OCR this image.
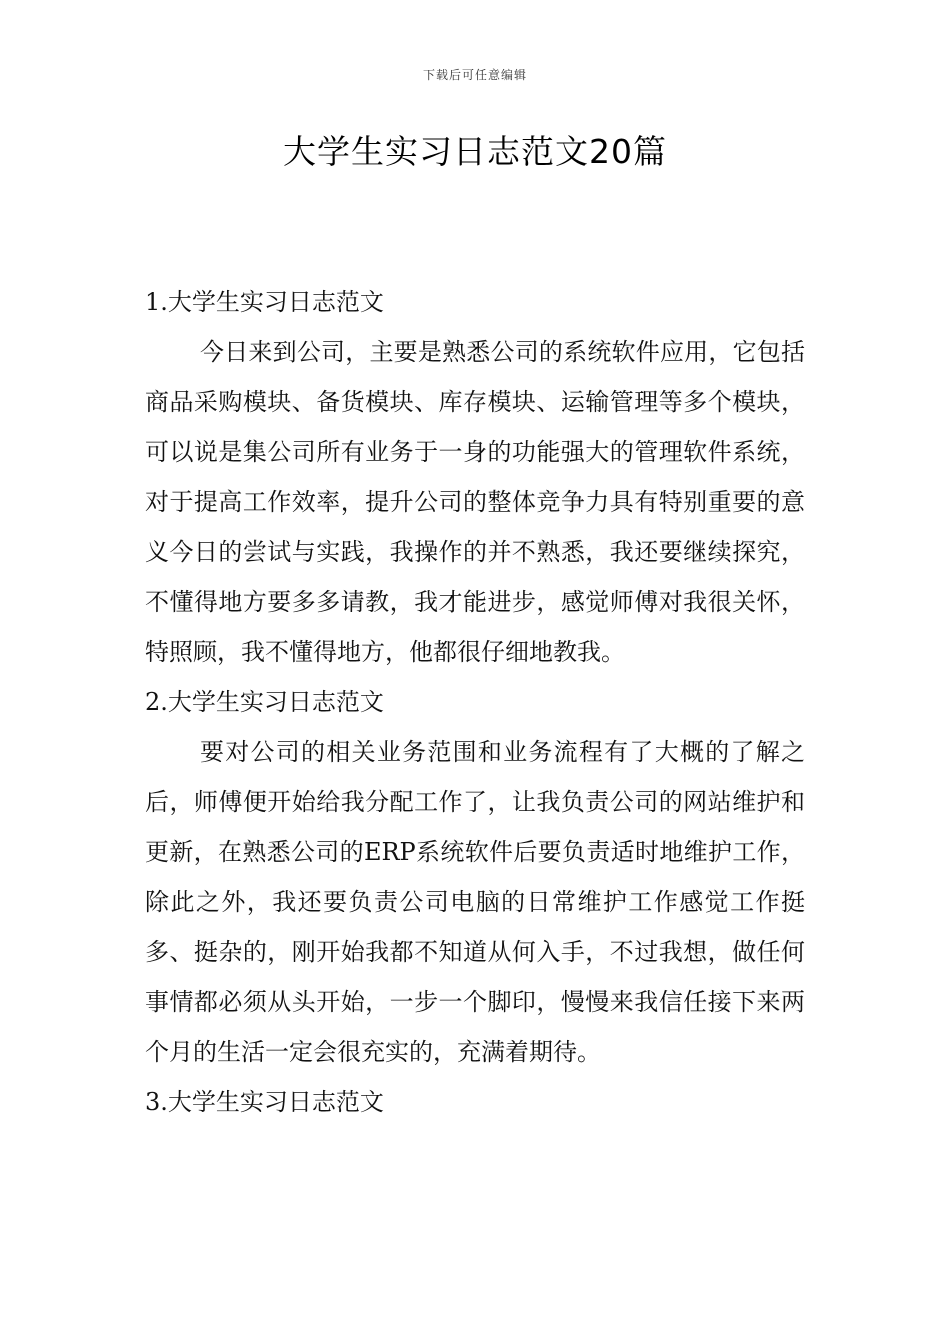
下载后可任意编辑
大学生实习日志范文20篇
1.大学生实习日志范文

今日来到公司，主要是熟悉公司的系统软件应用，它包括商品采购模块、备货模块、库存模块、运输管理等多个模块，可以说是集公司所有业务于一身的功能强大的管理软件系统，对于提高工作效率，提升公司的整体竞争力具有特别重要的意义今日的尝试与实践，我操作的并不熟悉，我还要继续探究，不懂得地方要多多请教，我才能进步，感觉师傅对我很关怀，特照顾，我不懂得地方，他都很仔细地教我。

2.大学生实习日志范文

要对公司的相关业务范围和业务流程有了大概的了解之后，师傅便开始给我分配工作了，让我负责公司的网站维护和更新，在熟悉公司的ERP系统软件后要负责适时地维护工作，除此之外，我还要负责公司电脑的日常维护工作感觉工作挺多、挺杂的，刚开始我都不知道从何入手，不过我想，做任何事情都必须从头开始，一步一个脚印，慢慢来我信任接下来两个月的生活一定会很充实的，充满着期待。

3.大学生实习日志范文
